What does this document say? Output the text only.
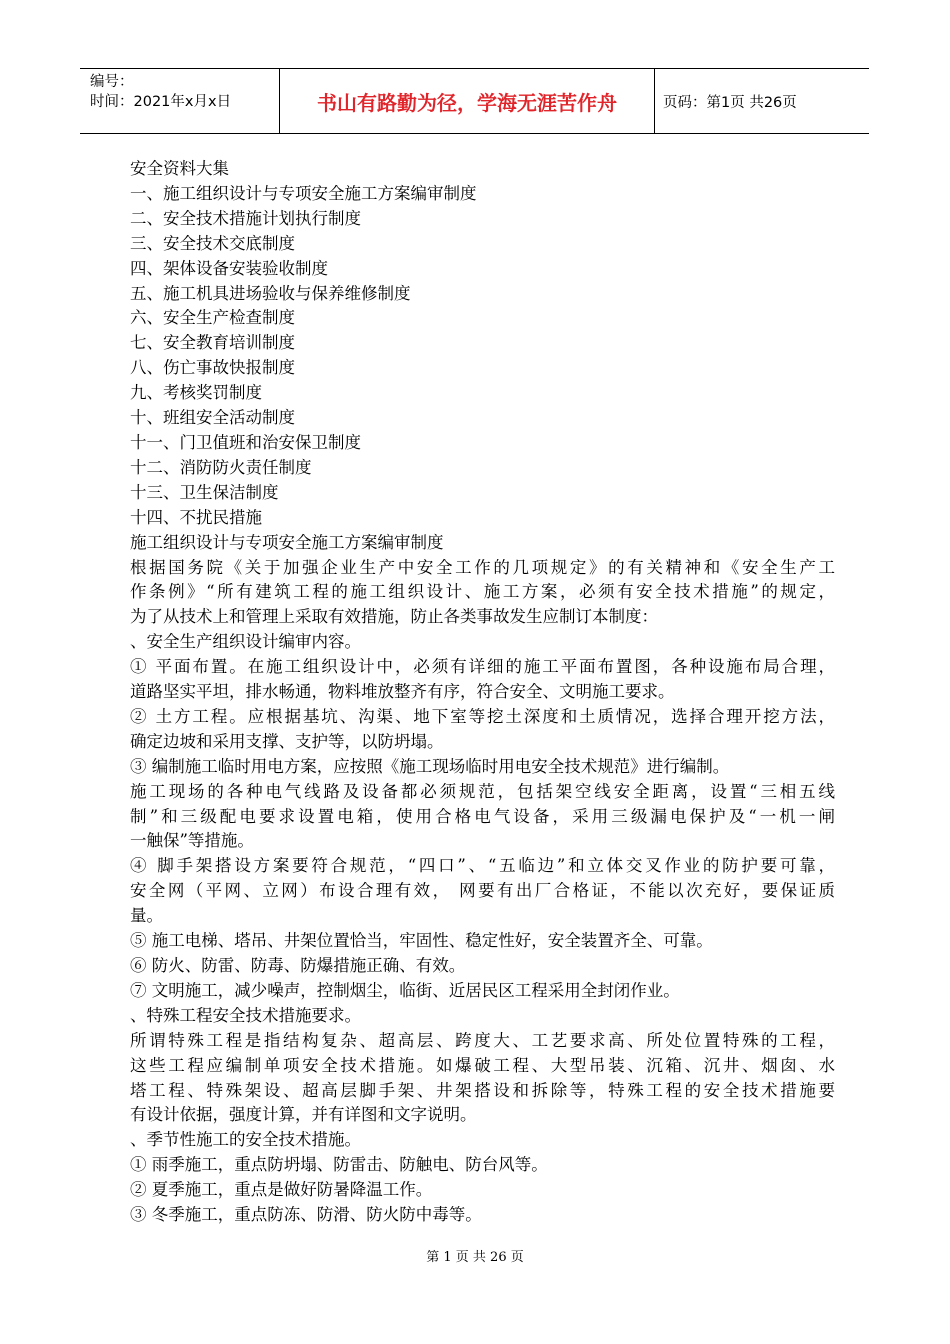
编号：
时间：2021年x月x日	书山有路勤为径，学海无涯苦作舟	页码：第1页 共26页
安全资料大集
一、施工组织设计与专项安全施工方案编审制度
二、安全技术措施计划执行制度
三、安全技术交底制度
四、架体设备安装验收制度
五、施工机具进场验收与保养维修制度
六、安全生产检查制度
七、安全教育培训制度
八、伤亡事故快报制度
九、考核奖罚制度
十、班组安全活动制度
十一、门卫值班和治安保卫制度
十二、消防防火责任制度
十三、卫生保洁制度
十四、不扰民措施
施工组织设计与专项安全施工方案编审制度
根据国务院《关于加强企业生产中安全工作的几项规定》的有关精神和《安全生产工
作条例》“所有建筑工程的施工组织设计、施工方案，必须有安全技术措施”的规定，
为了从技术上和管理上采取有效措施，防止各类事故发生应制订本制度：
、安全生产组织设计编审内容。
① 平面布置。在施工组织设计中，必须有详细的施工平面布置图，各种设施布局合理，
道路坚实平坦，排水畅通，物料堆放整齐有序，符合安全、文明施工要求。
② 土方工程。应根据基坑、沟渠、地下室等挖土深度和土质情况，选择合理开挖方法，
确定边坡和采用支撑、支护等，以防坍塌。
③ 编制施工临时用电方案，应按照《施工现场临时用电安全技术规范》进行编制。
施工现场的各种电气线路及设备都必须规范，包括架空线安全距离，设置“三相五线
制”和三级配电要求设置电箱，使用合格电气设备，采用三级漏电保护及“一机一闸
一触保”等措施。
④ 脚手架搭设方案要符合规范，“四口”、“五临边”和立体交叉作业的防护要可靠，
安全网（平网、立网）布设合理有效， 网要有出厂合格证，不能以次充好，要保证质
量。
⑤ 施工电梯、塔吊、井架位置恰当，牢固性、稳定性好，安全装置齐全、可靠。
⑥ 防火、防雷、防毒、防爆措施正确、有效。
⑦ 文明施工，减少噪声，控制烟尘，临街、近居民区工程采用全封闭作业。
、特殊工程安全技术措施要求。
所谓特殊工程是指结构复杂、超高层、跨度大、工艺要求高、所处位置特殊的工程，
这些工程应编制单项安全技术措施。如爆破工程、大型吊装、沉箱、沉井、烟囱、水
塔工程、特殊架设、超高层脚手架、井架搭设和拆除等，特殊工程的安全技术措施要
有设计依据，强度计算，并有详图和文字说明。
、季节性施工的安全技术措施。
① 雨季施工，重点防坍塌、防雷击、防触电、防台风等。
② 夏季施工，重点是做好防暑降温工作。
③ 冬季施工，重点防冻、防滑、防火防中毒等。
第 1 页 共 26 页
